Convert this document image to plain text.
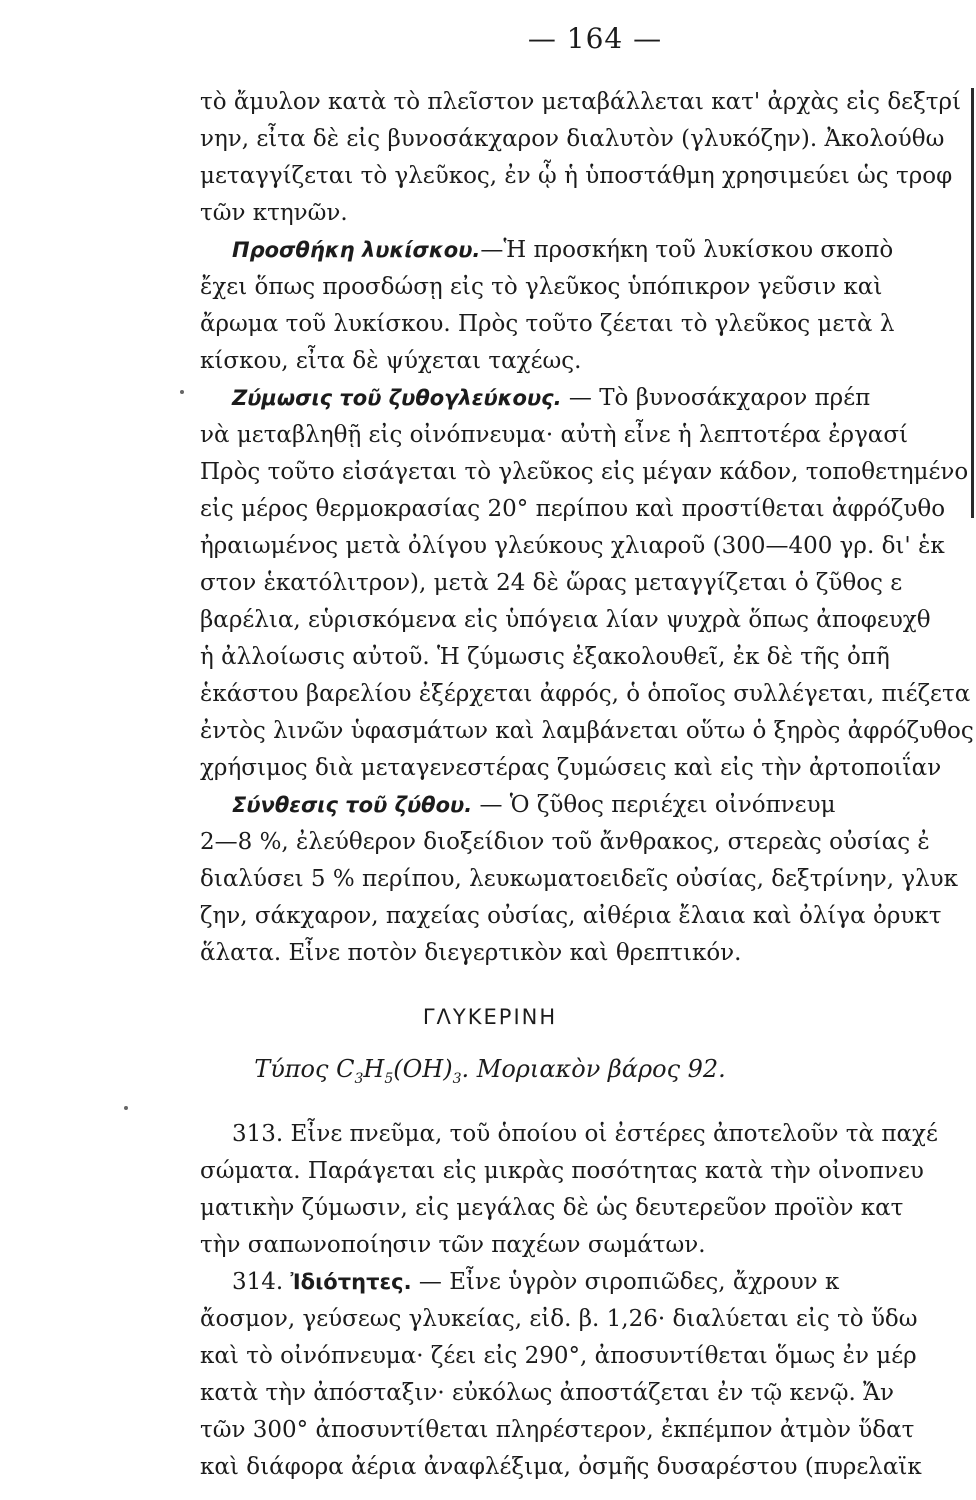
— 164 —
τὸ ἄμυλον κατὰ τὸ πλεῖστον μεταβάλλεται κατ' ἀρχὰς εἰς δεξτρί
νην, εἶτα δὲ εἰς βυνοσάκχαρον διαλυτὸν (γλυκόζην). Ἀκολούθω
μεταγγίζεται τὸ γλεῦκος, ἐν ᾧ ἡ ὑποστάθμη χρησιμεύει ὡς τροφ
τῶν κτηνῶν.
Προσθήκη λυκίσκου.—Ἡ προσκήκη τοῦ λυκίσκου σκοπὸ
ἔχει ὅπως προσδώσῃ εἰς τὸ γλεῦκος ὑπόπικρον γεῦσιν καὶ
ἄρωμα τοῦ λυκίσκου. Πρὸς τοῦτο ζέεται τὸ γλεῦκος μετὰ λ
κίσκου, εἶτα δὲ ψύχεται ταχέως.
Ζύμωσις τοῦ ζυθογλεύκους. — Τὸ βυνοσάκχαρον πρέπ
νὰ μεταβληθῇ εἰς οἰνόπνευμα· αὐτὴ εἶνε ἡ λεπτοτέρα ἐργασί
Πρὸς τοῦτο εἰσάγεται τὸ γλεῦκος εἰς μέγαν κάδον, τοποθετημένο
εἰς μέρος θερμοκρασίας 20° περίπου καὶ προστίθεται ἀφρόζυθο
ἠραιωμένος μετὰ ὀλίγου γλεύκους χλιαροῦ (300—400 γρ. δι' ἑκ
στον ἑκατόλιτρον), μετὰ 24 δὲ ὥρας μεταγγίζεται ὁ ζῦθος ε
βαρέλια, εὑρισκόμενα εἰς ὑπόγεια λίαν ψυχρὰ ὅπως ἀποφευχθ
ἡ ἀλλοίωσις αὐτοῦ. Ἡ ζύμωσις ἐξακολουθεῖ, ἐκ δὲ τῆς ὀπῆ
ἑκάστου βαρελίου ἐξέρχεται ἀφρός, ὁ ὁποῖος συλλέγεται, πιέζετα
ἐντὸς λινῶν ὑφασμάτων καὶ λαμβάνεται οὕτω ὁ ξηρὸς ἀφρόζυθος
χρήσιμος διὰ μεταγενεστέρας ζυμώσεις καὶ εἰς τὴν ἀρτοποιΐαν
Σύνθεσις τοῦ ζύθου. — Ὁ ζῦθος περιέχει οἰνόπνευμ
2—8 %, ἐλεύθερον διοξείδιον τοῦ ἄνθρακος, στερεὰς οὐσίας ἐ
διαλύσει 5 % περίπου, λευκωματοειδεῖς οὐσίας, δεξτρίνην, γλυκ
ζην, σάκχαρον, παχείας οὐσίας, αἰθέρια ἔλαια καὶ ὀλίγα ὀρυκτ
ἅλατα. Εἶνε ποτὸν διεγερτικὸν καὶ θρεπτικόν.
ΓΛΥΚΕΡΙΝΗ
Τύπος $C_3H_5(OH)_3$. Μοριακὸν βάρος 92.
313. Εἶνε πνεῦμα, τοῦ ὁποίου οἱ ἐστέρες ἀποτελοῦν τὰ παχέ
σώματα. Παράγεται εἰς μικρὰς ποσότητας κατὰ τὴν οἰνοπνευ
ματικὴν ζύμωσιν, εἰς μεγάλας δὲ ὡς δευτερεῦον προϊὸν κατ
τὴν σαπωνοποίησιν τῶν παχέων σωμάτων.
314. Ἰδιότητες. — Εἶνε ὑγρὸν σιροπιῶδες, ἄχρουν κ
ἄοσμον, γεύσεως γλυκείας, εἰδ. β. 1,26· διαλύεται εἰς τὸ ὕδω
καὶ τὸ οἰνόπνευμα· ζέει εἰς 290°, ἀποσυντίθεται ὅμως ἐν μέρ
κατὰ τὴν ἀπόσταξιν· εὐκόλως ἀποστάζεται ἐν τῷ κενῷ. Ἄν
τῶν 300° ἀποσυντίθεται πληρέστερον, ἐκπέμπον ἀτμὸν ὕδατ
καὶ διάφορα ἀέρια ἀναφλέξιμα, ὀσμῆς δυσαρέστου (πυρελαϊκ
